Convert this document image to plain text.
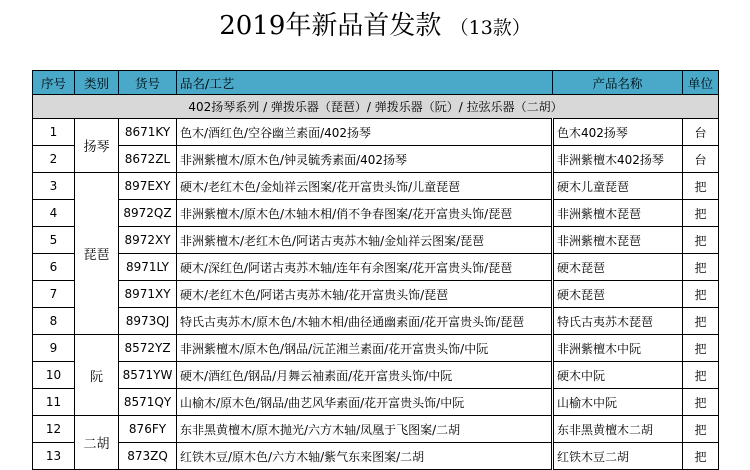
2019年新品首发款 （13款）
序号	类别	货号	品名/工艺	产品名称	单位
402扬琴系列 / 弹拨乐器（琵琶）/ 弹拨乐器（阮）/ 拉弦乐器（二胡）					
1	扬琴	8671KY	色木/酒红色/空谷幽兰素面/402扬琴	色木402扬琴	台
2		8672ZL	非洲紫檀木/原木色/钟灵毓秀素面/402扬琴	非洲紫檀木402扬琴	台
3	琵琶	897EXY	硬木/老红木色/金灿祥云图案/花开富贵头饰/儿童琵琶	硬木儿童琵琶	把
4		8972QZ	非洲紫檀木/原木色/木轴木相/俏不争春图案/花开富贵头饰/琵琶	非洲紫檀木琵琶	把
5		8972XY	非洲紫檀木/老红木色/阿诺古夷苏木轴/金灿祥云图案/琵琶	非洲紫檀木琵琶	把
6		8971LY	硬木/深红色/阿诺古夷苏木轴/连年有余图案/花开富贵头饰/琵琶	硬木琵琶	把
7		8971XY	硬木/老红木色/阿诺古夷苏木轴/花开富贵头饰/琵琶	硬木琵琶	把
8		8973QJ	特氏古夷苏木/原木色/木轴木相/曲径通幽素面/花开富贵头饰/琵琶	特氏古夷苏木琵琶	把
9	阮	8572YZ	非洲紫檀木/原木色/钢品/沅芷湘兰素面/花开富贵头饰/中阮	非洲紫檀木中阮	把
10		8571YW	硬木/酒红色/钢品/月舞云袖素面/花开富贵头饰/中阮	硬木中阮	把
11		8571QY	山榆木/原木色/钢品/曲艺风华素面/花开富贵头饰/中阮	山榆木中阮	把
12	二胡	876FY	东非黑黄檀木/原木抛光/六方木轴/凤凰于飞图案/二胡	东非黑黄檀木二胡	把
13		873ZQ	红铁木豆/原木色/六方木轴/紫气东来图案/二胡	红铁木豆二胡	把
